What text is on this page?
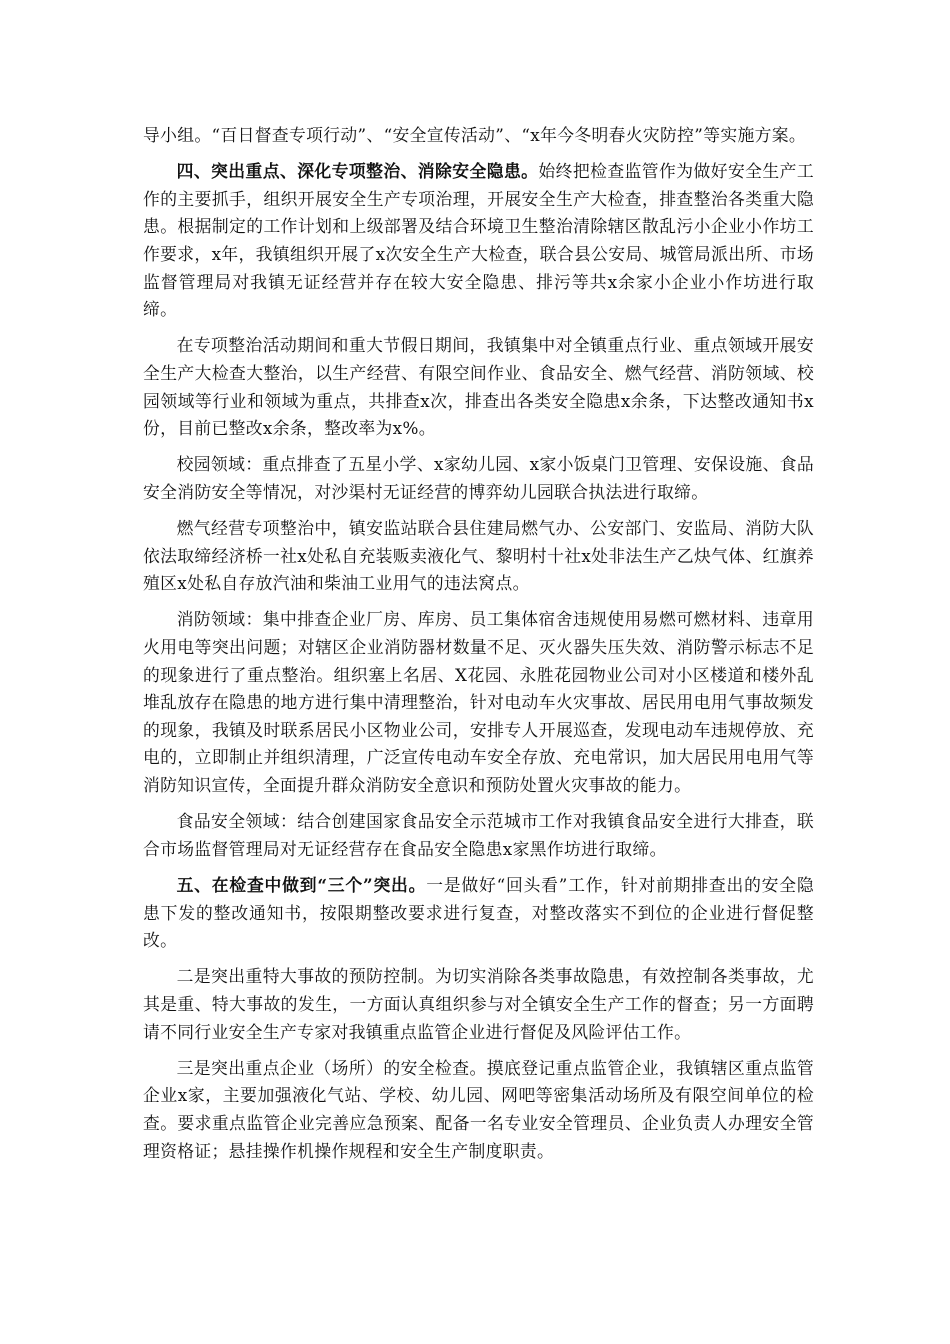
导小组。“百日督查专项行动”、“安全宣传活动”、“x年今冬明春火灾防控”等实施方案。

四、突出重点、深化专项整治、消除安全隐患。始终把检查监管作为做好安全生产工作的主要抓手，组织开展安全生产专项治理，开展安全生产大检查，排查整治各类重大隐患。根据制定的工作计划和上级部署及结合环境卫生整治清除辖区散乱污小企业小作坊工作要求，x年，我镇组织开展了x次安全生产大检查，联合县公安局、城管局派出所、市场监督管理局对我镇无证经营并存在较大安全隐患、排污等共x余家小企业小作坊进行取缔。

在专项整治活动期间和重大节假日期间，我镇集中对全镇重点行业、重点领域开展安全生产大检查大整治，以生产经营、有限空间作业、食品安全、燃气经营、消防领域、校园领域等行业和领域为重点，共排查x次，排查出各类安全隐患x余条，下达整改通知书x份，目前已整改x余条，整改率为x%。

校园领域：重点排查了五星小学、x家幼儿园、x家小饭桌门卫管理、安保设施、食品安全消防安全等情况，对沙渠村无证经营的博弈幼儿园联合执法进行取缔。

燃气经营专项整治中，镇安监站联合县住建局燃气办、公安部门、安监局、消防大队依法取缔经济桥一社x处私自充装贩卖液化气、黎明村十社x处非法生产乙炔气体、红旗养殖区x处私自存放汽油和柴油工业用气的违法窝点。

消防领域：集中排查企业厂房、库房、员工集体宿舍违规使用易燃可燃材料、违章用火用电等突出问题；对辖区企业消防器材数量不足、灭火器失压失效、消防警示标志不足的现象进行了重点整治。组织塞上名居、X花园、永胜花园物业公司对小区楼道和楼外乱堆乱放存在隐患的地方进行集中清理整治，针对电动车火灾事故、居民用电用气事故频发的现象，我镇及时联系居民小区物业公司，安排专人开展巡查，发现电动车违规停放、充电的，立即制止并组织清理，广泛宣传电动车安全存放、充电常识，加大居民用电用气等消防知识宣传，全面提升群众消防安全意识和预防处置火灾事故的能力。

食品安全领域：结合创建国家食品安全示范城市工作对我镇食品安全进行大排查，联合市场监督管理局对无证经营存在食品安全隐患x家黑作坊进行取缔。

五、在检查中做到“三个”突出。一是做好“回头看”工作，针对前期排查出的安全隐患下发的整改通知书，按限期整改要求进行复查，对整改落实不到位的企业进行督促整改。

二是突出重特大事故的预防控制。为切实消除各类事故隐患，有效控制各类事故，尤其是重、特大事故的发生，一方面认真组织参与对全镇安全生产工作的督查；另一方面聘请不同行业安全生产专家对我镇重点监管企业进行督促及风险评估工作。

三是突出重点企业（场所）的安全检查。摸底登记重点监管企业，我镇辖区重点监管企业x家，主要加强液化气站、学校、幼儿园、网吧等密集活动场所及有限空间单位的检查。要求重点监管企业完善应急预案、配备一名专业安全管理员、企业负责人办理安全管理资格证；悬挂操作机操作规程和安全生产制度职责。
